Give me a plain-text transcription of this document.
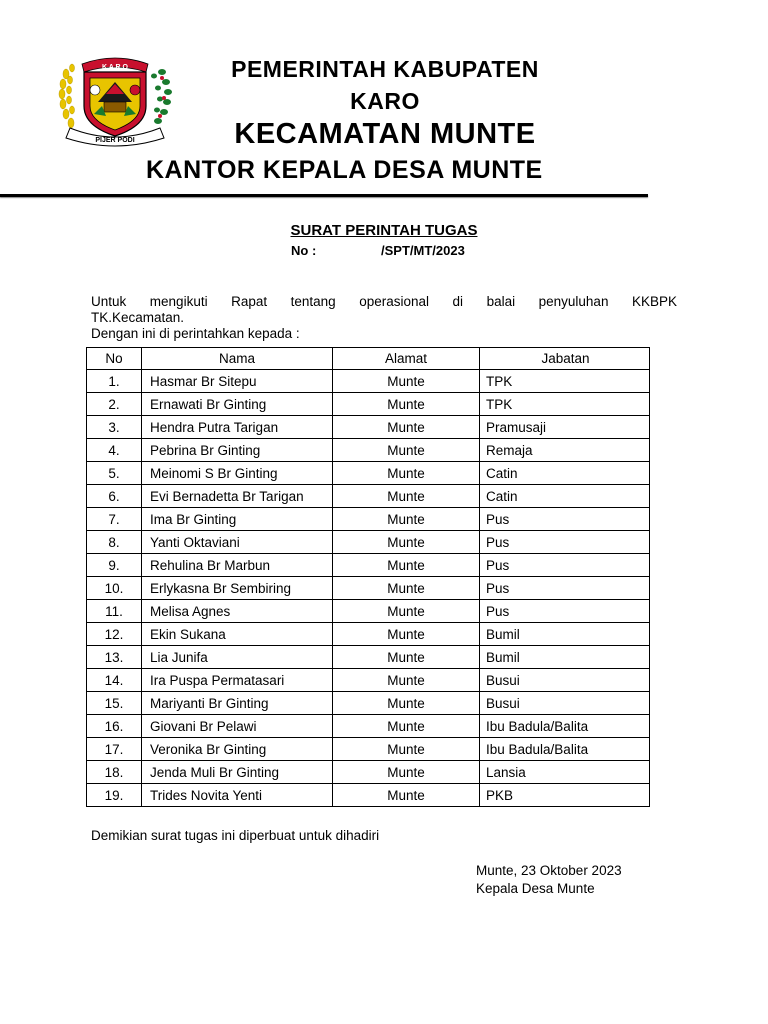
K A R O
PIJER PODI
PEMERINTAH KABUPATEN
KARO
KECAMATAN MUNTE
KANTOR KEPALA DESA MUNTE
SURAT PERINTAH TUGAS
No :	/SPT/MT/2023
Untuk mengikuti Rapat tentang operasional di balai penyuluhan KKBPK
TK.Kecamatan.
Dengan ini di perintahkan kepada :
No	Nama	Alamat	Jabatan
1.	Hasmar Br Sitepu	Munte	TPK
2.	Ernawati Br Ginting	Munte	TPK
3.	Hendra Putra Tarigan	Munte	Pramusaji
4.	Pebrina Br Ginting	Munte	Remaja
5.	Meinomi S Br Ginting	Munte	Catin
6.	Evi Bernadetta Br Tarigan	Munte	Catin
7.	Ima Br Ginting	Munte	Pus
8.	Yanti Oktaviani	Munte	Pus
9.	Rehulina Br Marbun	Munte	Pus
10.	Erlykasna Br Sembiring	Munte	Pus
11.	Melisa Agnes	Munte	Pus
12.	Ekin Sukana	Munte	Bumil
13.	Lia Junifa	Munte	Bumil
14.	Ira Puspa Permatasari	Munte	Busui
15.	Mariyanti Br Ginting	Munte	Busui
16.	Giovani Br Pelawi	Munte	Ibu Badula/Balita
17.	Veronika Br Ginting	Munte	Ibu Badula/Balita
18.	Jenda Muli Br Ginting	Munte	Lansia
19.	Trides Novita Yenti	Munte	PKB
Demikian surat tugas ini diperbuat untuk dihadiri
Munte, 23 Oktober 2023
Kepala Desa Munte
